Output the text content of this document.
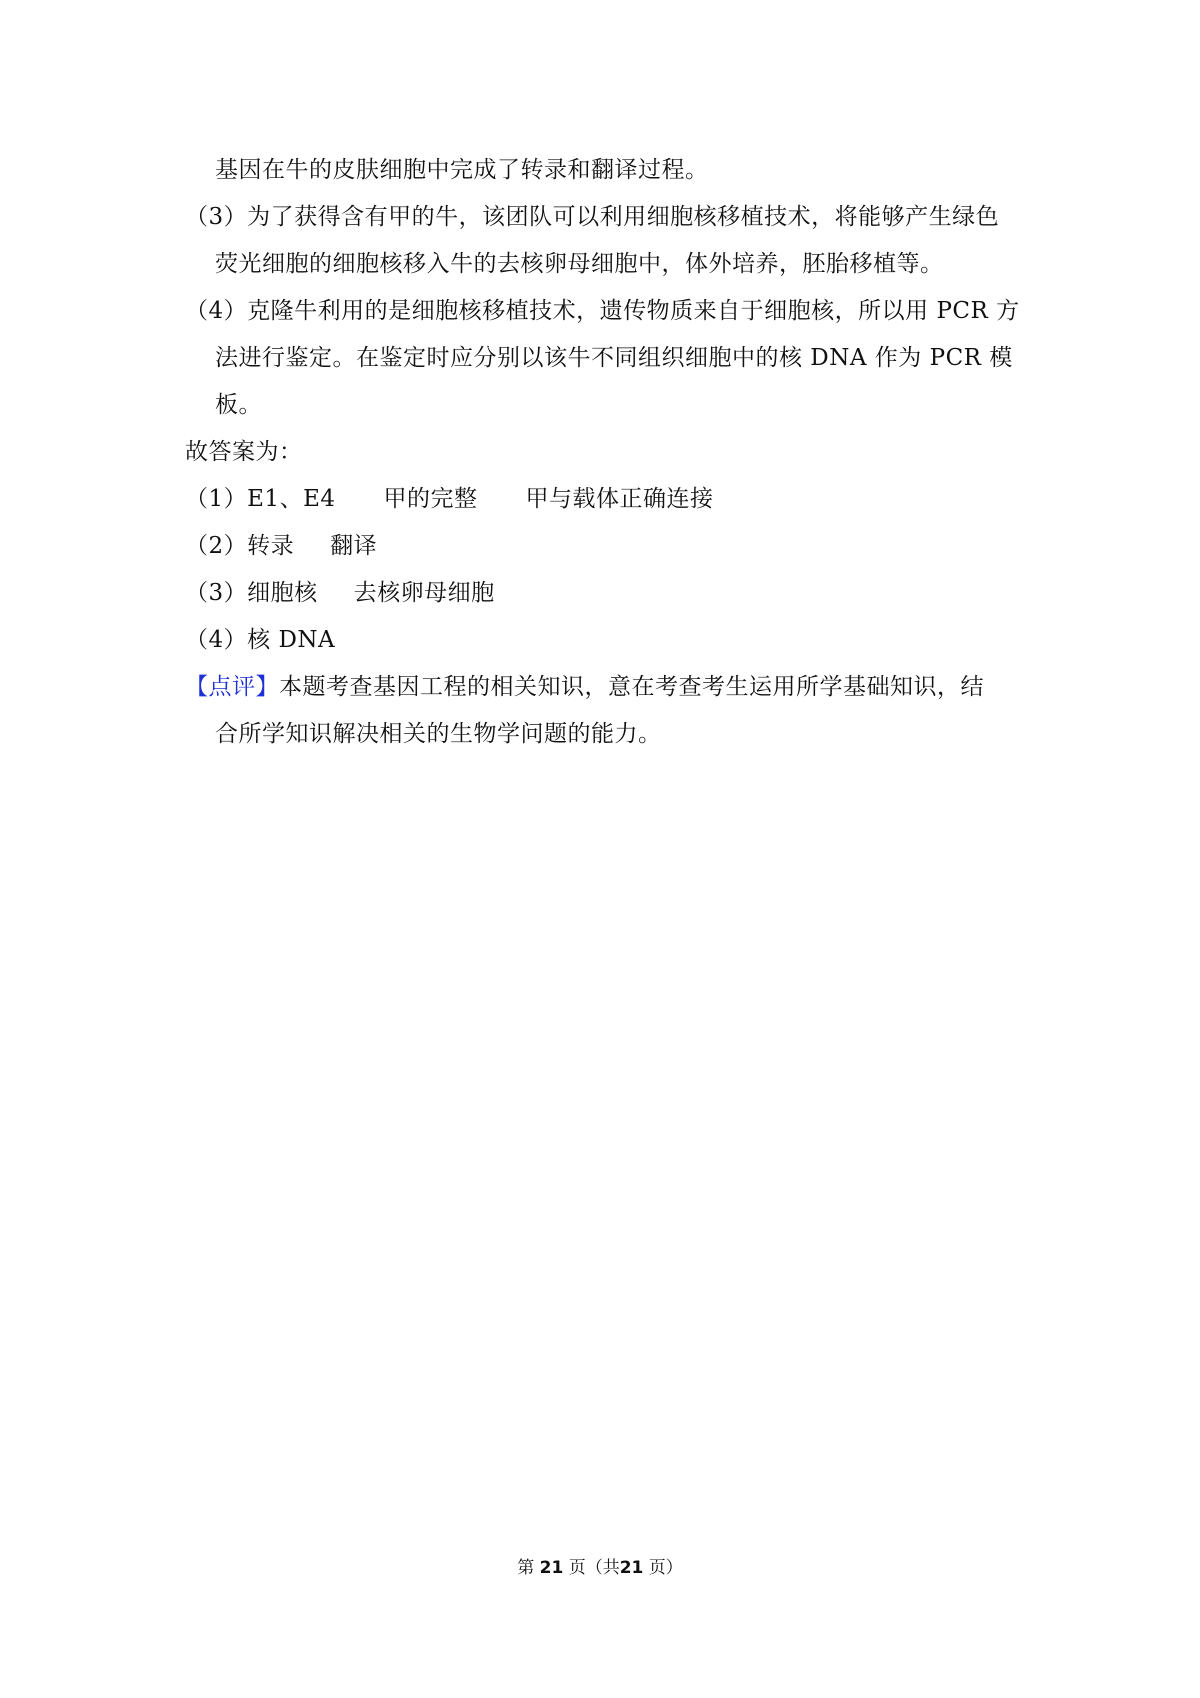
基因在牛的皮肤细胞中完成了转录和翻译过程。
（3）为了获得含有甲的牛，该团队可以利用细胞核移植技术，将能够产生绿色
荧光细胞的细胞核移入牛的去核卵母细胞中，体外培养，胚胎移植等。
（4）克隆牛利用的是细胞核移植技术，遗传物质来自于细胞核，所以用 PCR 方
法进行鉴定。在鉴定时应分别以该牛不同组织细胞中的核 DNA 作为 PCR 模
板。
故答案为：
（1）E1、E4 甲的完整 甲与载体正确连接
（2）转录 翻译
（3）细胞核 去核卵母细胞
（4）核 DNA
【点评】本题考查基因工程的相关知识，意在考查考生运用所学基础知识，结
合所学知识解决相关的生物学问题的能力。
第 21 页（共21 页）
